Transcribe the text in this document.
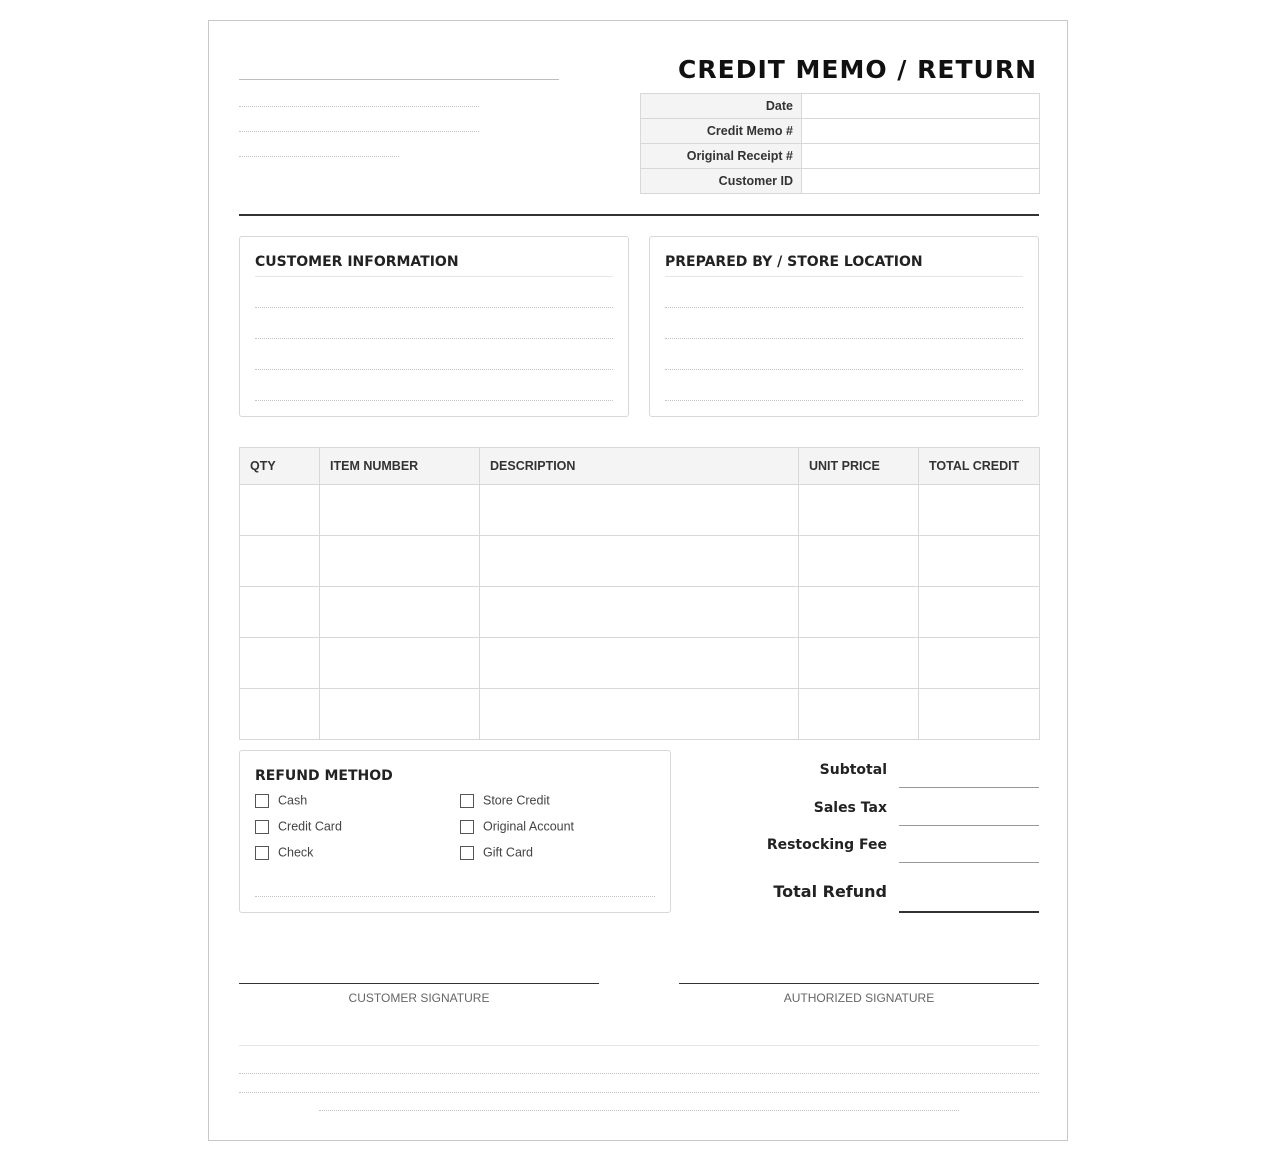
CREDIT MEMO / RETURN
Date	
Credit Memo #	
Original Receipt #	
Customer ID	
CUSTOMER INFORMATION	PREPARED BY / STORE LOCATION
QTY	ITEM NUMBER	DESCRIPTION	UNIT PRICE	TOTAL CREDIT

REFUND METHOD
Cash
Credit Card
Check
Store Credit
Original Account
Gift Card
Subtotal
Sales Tax
Restocking Fee
Total Refund
CUSTOMER SIGNATURE	AUTHORIZED SIGNATURE
